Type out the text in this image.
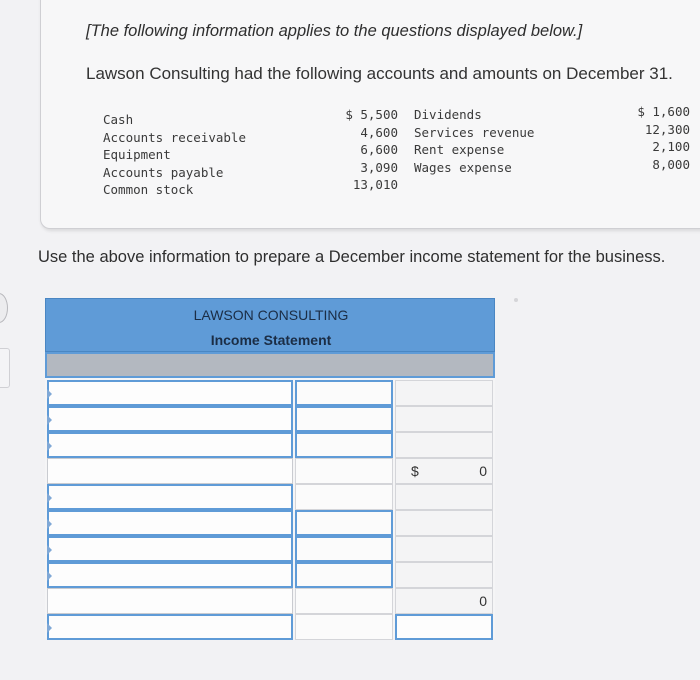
[The following information applies to the questions displayed below.]
Lawson Consulting had the following accounts and amounts on December 31.
Cash
Accounts receivable
Equipment
Accounts payable
Common stock
$ 5,500
4,600
6,600
3,090
13,010
Dividends
Services revenue
Rent expense
Wages expense
$ 1,600
12,300
2,100
8,000
Use the above information to prepare a December income statement for the business.
LAWSON CONSULTING
Income Statement
$	0
0
